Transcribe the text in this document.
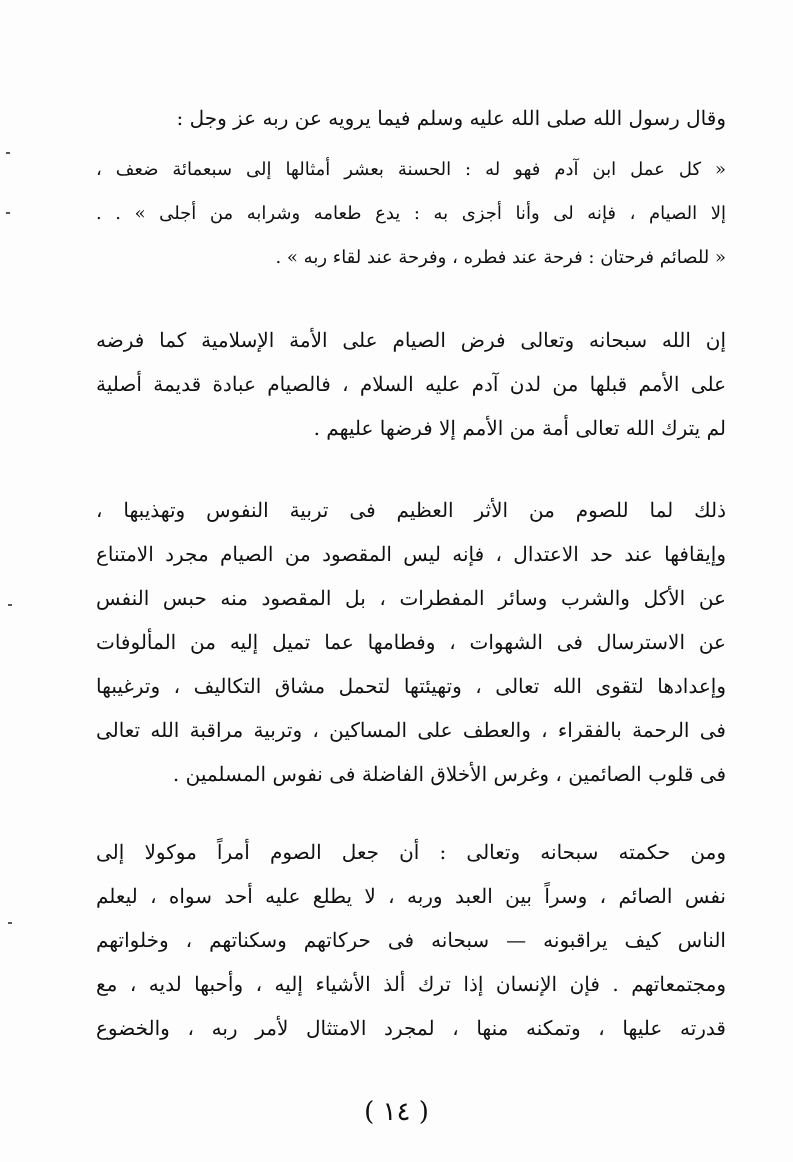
وقال رسول الله صلى الله عليه وسلم فيما يرويه عن ربه عز وجل :
« كل عمل ابن آدم فهو له : الحسنة بعشر أمثالها إلى سبعمائة ضعف ،
إلا الصيام ، فإنه لى وأنا أجزى به : يدع طعامه وشرابه من أجلى » . .
« للصائم فرحتان : فرحة عند فطره ، وفرحة عند لقاء ربه » .
إن الله سبحانه وتعالى فرض الصيام على الأمة الإسلامية كما فرضه
على الأمم قبلها من لدن آدم عليه السلام ، فالصيام عبادة قديمة أصلية
لم يترك الله تعالى أمة من الأمم إلا فرضها عليهم .
ذلك لما للصوم من الأثر العظيم فى تربية النفوس وتهذيبها ،
وإيقافها عند حد الاعتدال ، فإنه ليس المقصود من الصيام مجرد الامتناع
عن الأكل والشرب وسائر المفطرات ، بل المقصود منه حبس النفس
عن الاسترسال فى الشهوات ، وفطامها عما تميل إليه من المألوفات
وإعدادها لتقوى الله تعالى ، وتهيئتها لتحمل مشاق التكاليف ، وترغيبها
فى الرحمة بالفقراء ، والعطف على المساكين ، وتربية مراقبة الله تعالى
فى قلوب الصائمين ، وغرس الأخلاق الفاضلة فى نفوس المسلمين .
ومن حكمته سبحانه وتعالى : أن جعل الصوم أمراً موكولا إلى
نفس الصائم ، وسراً بين العبد وربه ، لا يطلع عليه أحد سواه ، ليعلم
الناس كيف يراقبونه — سبحانه فى حركاتهم وسكناتهم ، وخلواتهم
ومجتمعاتهم . فإن الإنسان إذا ترك ألذ الأشياء إليه ، وأحبها لديه ، مع
قدرته عليها ، وتمكنه منها ، لمجرد الامتثال لأمر ربه ، والخضوع
( ١٤ )
